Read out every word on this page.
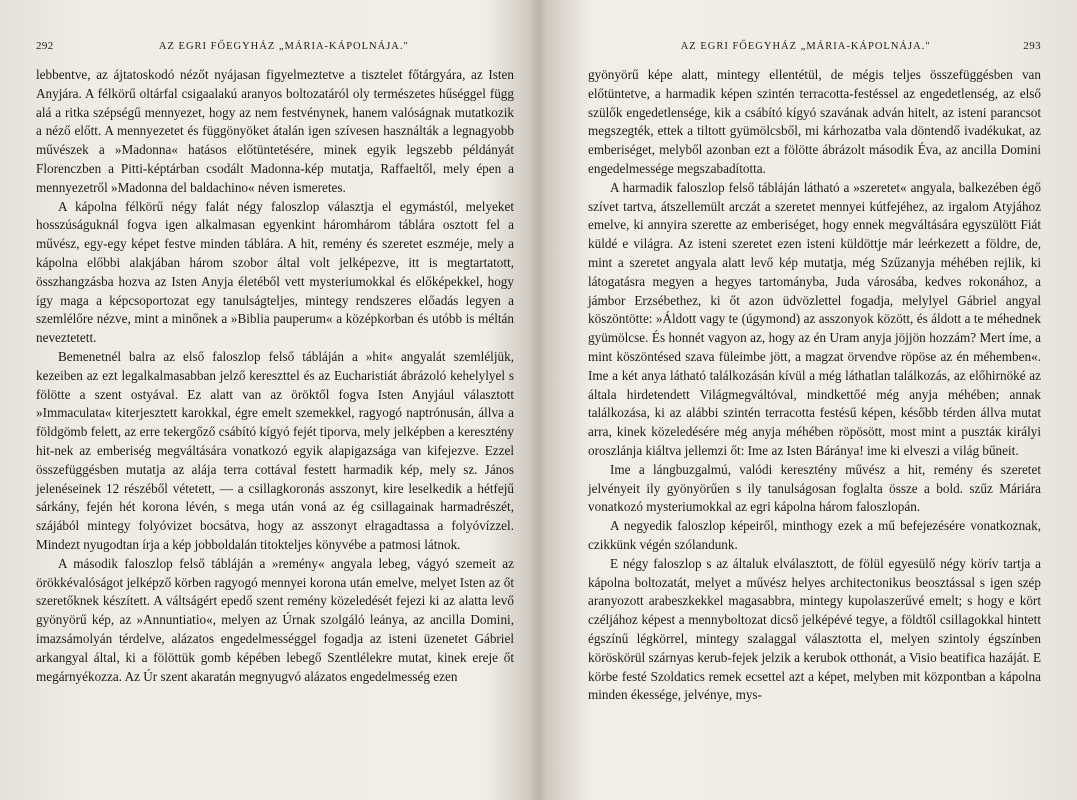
292	AZ EGRI FŐEGYHÁZ „MÁRIA-KÁPOLNÁJA."

lebbentve, az ájtatoskodó nézőt nyájasan figyelmeztetve a tisztelet főtárgyára, az Isten Anyjára. A félkörű oltárfal csigaalakú aranyos boltozatáról oly természetes hűséggel függ alá a ritka szépségű mennyezet, hogy az nem festvénynek, hanem valóságnak mutatkozik a néző előtt. A mennyezetet és függönyöket átalán igen szívesen használták a legnagyobb művészek a »Madonna« hatásos előtüntetésére, minek egyik legszebb példányát Florenczben a Pitti-képtárban csodált Madonna-kép mutatja, Raffaeltől, mely épen a mennyezetről »Madonna del baldachino« néven ismeretes.

A kápolna félkörű négy falát négy faloszlop választja el egymástól, melyeket hosszúságuknál fogva igen alkalmasan egyenkint háromhárom táblára osztott fel a művész, egy-egy képet festve minden táblára. A hit, remény és szeretet eszméje, mely a kápolna előbbi alakjában három szobor által volt jelképezve, itt is megtartatott, összhangzásba hozva az Isten Anyja életéből vett mysteriumokkal és előképekkel, hogy így maga a képcsoportozat egy tanulságteljes, mintegy rendszeres előadás legyen a szemlélőre nézve, mint a minőnek a »Biblia pauperum« a középkorban és utóbb is méltán neveztetett.

Bemenetnél balra az első faloszlop felső tábláján a »hit« angyalát szemléljük, kezeiben az ezt legalkalmasabban jelző kereszttel és az Eucharistiát ábrázoló kehelylyel s fölötte a szent ostyával. Ez alatt van az öröktől fogva Isten Anyjául választott »Immaculata« kiterjesztett karokkal, égre emelt szemekkel, ragyogó naptrónusán, állva a földgömb felett, az erre tekergőző csábító kígyó fejét tiporva, mely jelképben a keresztény hit-nek az emberiség megváltására vonatkozó egyik alapigazsága van kifejezve. Ezzel összefüggésben mutatja az alája terra cottával festett harmadik kép, mely sz. János jelenéseinek 12 részéből vétetett, — a csillagkoronás asszonyt, kire leselkedik a hétfejű sárkány, fején hét korona lévén, s mega után voná az ég csillagainak harmadrészét, szájából mintegy folyóvizet bocsátva, hogy az asszonyt elragadtassa a folyóvízzel. Mindezt nyugodtan írja a kép jobboldalán titokteljes könyvébe a patmosi látnok.

A második faloszlop felső tábláján a »remény« angyala lebeg, vágyó szemeit az örökkévalóságot jelképző körben ragyogó mennyei korona után emelve, melyet Isten az őt szeretőknek készített. A váltságért epedő szent remény közeledését fejezi ki az alatta levő gyönyörű kép, az »Annuntiatio«, melyen az Úrnak szolgáló leánya, az ancilla Domini, imazsámolyán térdelve, alázatos engedelmességgel fogadja az isteni üzenetet Gábriel arkangyal által, ki a fölöttük gomb képében lebegő Szentlélekre mutat, kinek ereje őt megárnyékozza. Az Úr szent akaratán megnyugvó alázatos engedelmesség ezen

AZ EGRI FŐEGYHÁZ „MÁRIA-KÁPOLNÁJA."	293

gyönyörű képe alatt, mintegy ellentétül, de mégis teljes összefüggésben van előtüntetve, a harmadik képen szintén terracotta-festéssel az engedetlenség, az első szülők engedetlensége, kik a csábító kígyó szavának adván hitelt, az isteni parancsot megszegték, ettek a tiltott gyümölcsből, mi kárhozatba vala döntendő ivadékukat, az emberiséget, melyből azonban ezt a fölötte ábrázolt második Éva, az ancilla Domini engedelmessége megszabadította.

A harmadik faloszlop felső tábláján látható a »szeretet« angyala, balkezében égő szívet tartva, átszellemült arczát a szeretet mennyei kútfejéhez, az irgalom Atyjához emelve, ki annyira szerette az emberiséget, hogy ennek megváltására egyszülött Fiát küldé e világra. Az isteni szeretet ezen isteni küldöttje már leérkezett a földre, de, mint a szeretet angyala alatt levő kép mutatja, még Szűzanyja méhében rejlik, ki látogatásra megyen a hegyes tartományba, Juda városába, kedves rokonához, a jámbor Erzsébethez, ki őt azon üdvözlettel fogadja, melylyel Gábriel angyal köszöntötte: »Áldott vagy te (úgymond) az asszonyok között, és áldott a te méhednek gyümölcse. És honnét vagyon az, hogy az én Uram anyja jöjjön hozzám? Mert íme, a mint köszöntésed szava füleimbe jött, a magzat örvendve röpöse az én méhemben«. Ime a két anya látható találkozásán kívül a még láthatlan találkozás, az előhirnöké az általa hirdetendett Világmegváltóval, mindkettőé még anyja méhében; annak találkozása, ki az alábbi szintén terracotta festésű képen, később térden állva mutat arra, kinek közeledésére még anyja méhében röpösött, most mint a pusztáк királyi oroszlánja kiáltva jellemzi őt: Ime az Isten Báránya! ime ki elveszi a világ bűneit.

Ime a lángbuzgalmú, valódi keresztény művész a hit, remény és szeretet jelvényeit ily gyönyörűen s ily tanulságosan foglalta össze a bold. szűz Máriára vonatkozó mysteriumokkal az egri kápolna három faloszlopán.

A negyedik faloszlop képeiről, minthogy ezek a mű befejezésére vonatkoznak, czikkünk végén szólandunk.

E négy faloszlop s az általuk elválasztott, de fölül egyesülő négy körív tartja a kápolna boltozatát, melyet a művész helyes architectonikus beosztással s igen szép aranyozott arabeszkekkel magasabbra, mintegy kupolaszerűvé emelt; s hogy e kört czéljához képest a mennyboltozat dicső jelképévé tegye, a földtől csillagokkal hintett égszínű légkörrel, mintegy szalaggal választotta el, melyen szintoly égszínben köröskörül szárnyas kerub-fejek jelzik a kerubok otthonát, a Visio beatifica hazáját. E körbe festé Szoldatics remek ecsettel azt a képet, melyben mit központban a kápolna minden ékessége, jelvénye, mys-
